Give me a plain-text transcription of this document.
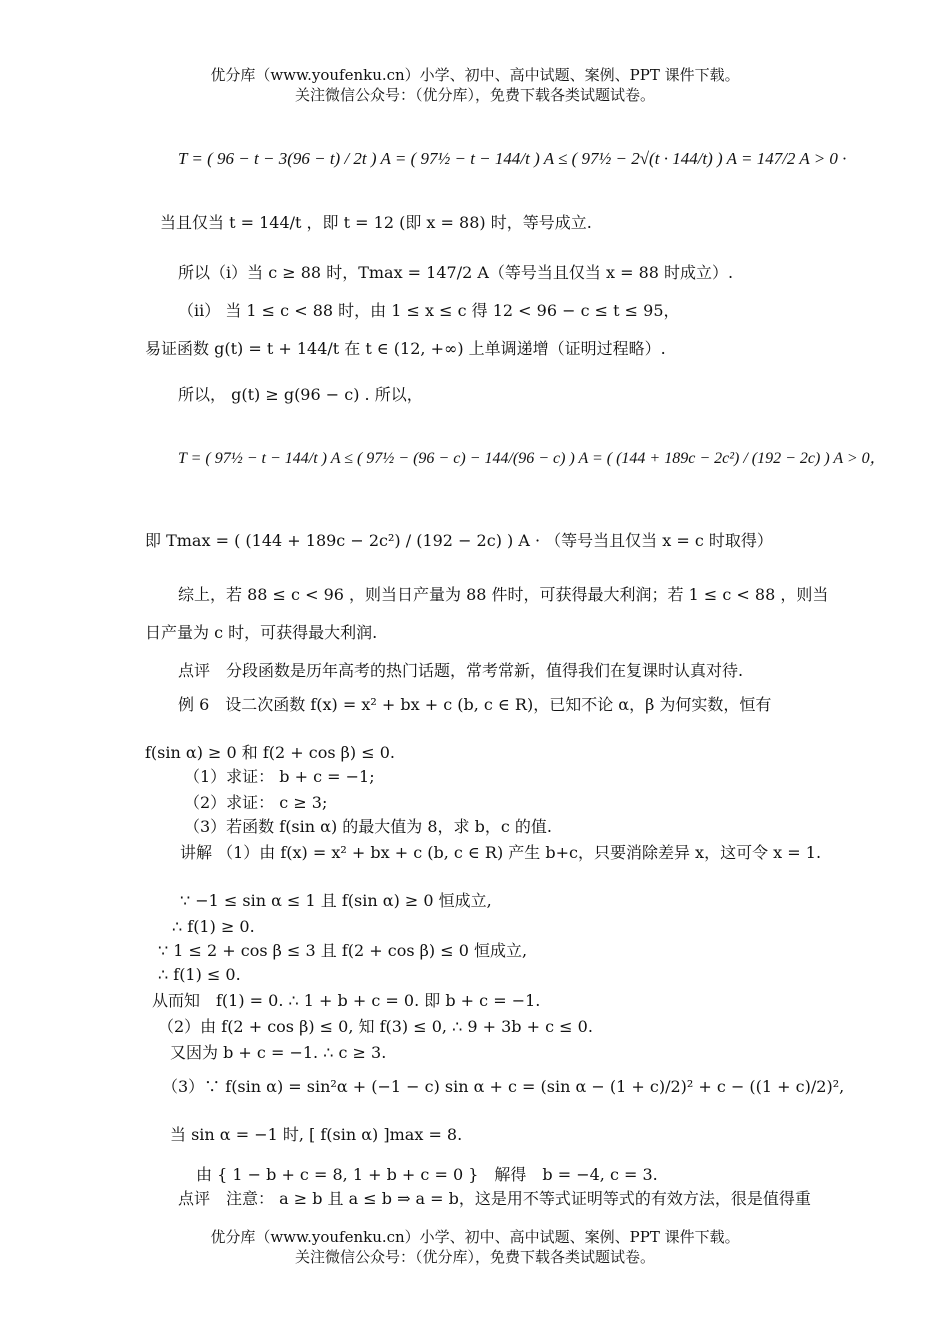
优分库（www.youfenku.cn）小学、初中、高中试题、案例、PPT 课件下载。
关注微信公众号：（优分库），免费下载各类试题试卷。
T = ( 96 − t − 3(96 − t) / 2t ) A = ( 97½ − t − 144/t ) A ≤ ( 97½ − 2√(t · 144/t) ) A = 147/2 A > 0 ·
当且仅当 t = 144/t ，即 t = 12 (即 x = 88) 时，等号成立.
所以（i）当 c ≥ 88 时，Tmax = 147/2 A（等号当且仅当 x = 88 时成立）.
（ii） 当 1 ≤ c < 88 时，由 1 ≤ x ≤ c 得 12 < 96 − c ≤ t ≤ 95，
易证函数 g(t) = t + 144/t 在 t ∈ (12, +∞) 上单调递增（证明过程略）.
所以， g(t) ≥ g(96 − c) . 所以，
T = ( 97½ − t − 144/t ) A ≤ ( 97½ − (96 − c) − 144/(96 − c) ) A = ( (144 + 189c − 2c²) / (192 − 2c) ) A > 0，
即 Tmax = ( (144 + 189c − 2c²) / (192 − 2c) ) A · （等号当且仅当 x = c 时取得）
综上，若 88 ≤ c < 96 ，则当日产量为 88 件时，可获得最大利润；若 1 ≤ c < 88 ，则当
日产量为 c 时，可获得最大利润.
点评　分段函数是历年高考的热门话题，常考常新，值得我们在复课时认真对待.
例 6　设二次函数 f(x) = x² + bx + c (b, c ∈ R)，已知不论 α，β 为何实数，恒有
f(sin α) ≥ 0 和 f(2 + cos β) ≤ 0.
（1）求证： b + c = −1;
（2）求证： c ≥ 3;
（3）若函数 f(sin α) 的最大值为 8，求 b，c 的值.
讲解 （1）由 f(x) = x² + bx + c (b, c ∈ R) 产生 b+c，只要消除差异 x，这可令 x = 1.
∵ −1 ≤ sin α ≤ 1 且 f(sin α) ≥ 0 恒成立,
∴ f(1) ≥ 0.
∵ 1 ≤ 2 + cos β ≤ 3 且 f(2 + cos β) ≤ 0 恒成立,
∴ f(1) ≤ 0.
从而知　f(1) = 0. ∴ 1 + b + c = 0. 即 b + c = −1.
（2）由 f(2 + cos β) ≤ 0, 知 f(3) ≤ 0, ∴ 9 + 3b + c ≤ 0.
又因为 b + c = −1. ∴ c ≥ 3.
（3）∵ f(sin α) = sin²α + (−1 − c) sin α + c = (sin α − (1 + c)/2)² + c − ((1 + c)/2)²,
当 sin α = −1 时, [ f(sin α) ]max = 8.
由 { 1 − b + c = 8, 1 + b + c = 0 }　解得　b = −4, c = 3.
点评　注意： a ≥ b 且 a ≤ b ⇒ a = b，这是用不等式证明等式的有效方法，很是值得重
优分库（www.youfenku.cn）小学、初中、高中试题、案例、PPT 课件下载。
关注微信公众号：（优分库），免费下载各类试题试卷。
